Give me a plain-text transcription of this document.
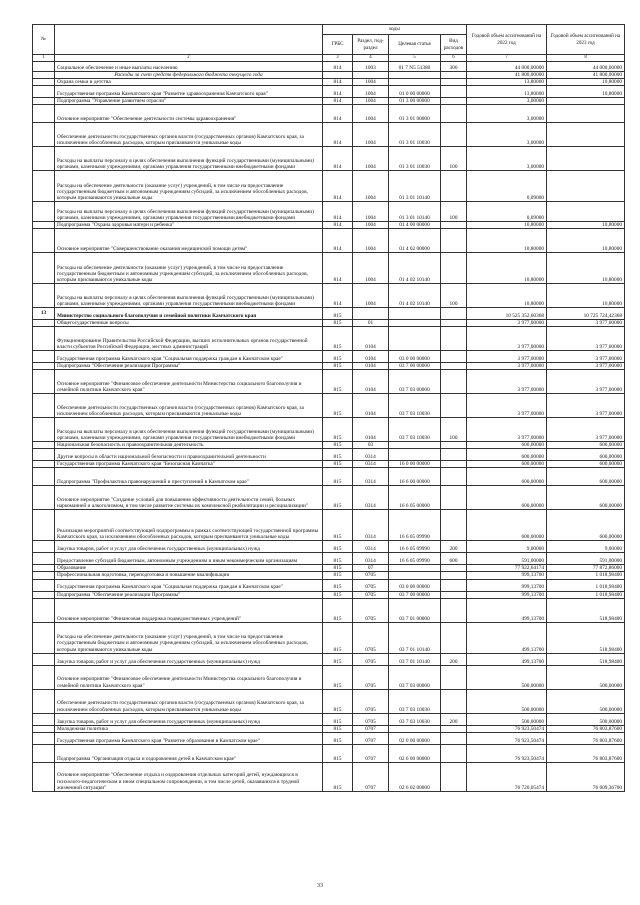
№		коды				Годовой объем ассигнований на 2022 год	Годовой объем ассигнований на 2023 год
		ГРБС	Раздел, под-раздел	Целевая статья	Вид расходов		
1	2	3	4	5	6	7	8
	Социальное обеспечение и иные выплаты населению	814	1003	01 7 N5 51380	300	44 000,00000	44 000,00000
	Расходы за счет средств федерального бюджета текущего года					41 800,00000	41 800,00000
	Охрана семьи и детства	814	1004			13,80000	10,80000
	Государственная программа Камчатского края "Развитие здравоохранения Камчатского края"	814	1004	01 0 00 00000		13,80000	10,80000
	Подпрограмма "Управление развитием отрасли"	814	1004	01 3 00 00000		3,00000	
	Основное мероприятие "Обеспечение деятельности системы здравоохранения"	814	1004	01 3 01 00000		3,00000	
	Обеспечение деятельности государственных органов власти (государственных органов) Камчатского края, за исключением обособленных расходов, которым присваиваются уникальные коды	814	1004	01 3 01 10030		3,00000	
	Расходы на выплаты персоналу в целях обеспечения выполнения функций государственными (муниципальными) органами, казенными учреждениями, органами управления государственными внебюджетными фондами	814	1004	01 3 01 10030	100	3,00000	
	Расходы на обеспечение деятельности (оказание услуг) учреждений, в том числе на предоставление государственным бюджетным и автономным учреждениям субсидий, за исключением обособленных расходов, которым присваиваются уникальные коды	814	1004	01 3 01 10140		0,09000	
	Расходы на выплаты персоналу в целях обеспечения выполнения функций государственными (муниципальными) органами, казенными учреждениями, органами управления государственными внебюджетными фондами	814	1004	01 3 01 10140	100	0,09000	
	Подпрограмма "Охрана здоровья матери и ребенка"	814	1004	01 4 00 00000		10,80000	10,80000
	Основное мероприятие "Совершенствование оказания медицинской помощи детям"	814	1004	01 4 02 00000		10,80000	10,80000
	Расходы на обеспечение деятельности (оказание услуг) учреждений, в том числе на предоставление государственным бюджетным и автономным учреждениям субсидий, за исключением обособленных расходов, которым присваиваются уникальные коды	814	1004	01 4 02 10140		10,80000	10,80000
	Расходы на выплаты персоналу в целях обеспечения выполнения функций государственными (муниципальными) органами, казенными учреждениями, органами управления государственными внебюджетными фондами	814	1004	01 4 02 10140	100	10,80000	10,80000
13	Министерство социального благополучия и семейной политики Камчатского края	815				10 525 352,60368	10 725 724,42368
	Общегосударственные вопросы	815	01			3 977,00000	3 977,00000
	Функционирование Правительства Российской Федерации, высших исполнительных органов государственной власти субъектов Российской Федерации, местных администраций	815	0104			3 977,00000	3 977,00000
	Государственная программа Камчатского края "Социальная поддержка граждан в Камчатском крае"	815	0104	03 0 00 00000		3 977,00000	3 977,00000
	Подпрограмма "Обеспечение реализации Программы"	815	0104	03 7 00 00000		3 977,00000	3 977,00000
	Основное мероприятие "Финансовое обеспечение деятельности Министерства социального благополучия и семейной политики Камчатского края"	815	0104	03 7 03 00000		3 977,00000	3 977,00000
	Обеспечение деятельности государственных органов власти (государственных органов) Камчатского края, за исключением обособленных расходов, которым присваиваются уникальные коды	815	0104	03 7 03 10030		3 977,00000	3 977,00000
	Расходы на выплаты персоналу в целях обеспечения выполнения функций государственными (муниципальными) органами, казенными учреждениями, органами управления государственными внебюджетными фондами	815	0104	03 7 03 10030	100	3 977,00000	3 977,00000
	Национальная безопасность и правоохранительная деятельность	815	03			600,00000	600,00000
	Другие вопросы в области национальной безопасности и правоохранительной деятельности	815	0314			600,00000	600,00000
	Государственная программа Камчатского края "Безопасная Камчатка"	815	0314	16 0 00 00000		600,00000	600,00000
	Подпрограмма "Профилактика правонарушений и преступлений в Камчатском крае"	815	0314	16 6 00 00000		600,00000	600,00000
	Основное мероприятие "Создание условий для повышения эффективности деятельности семей, больных наркоманией и алкоголизмом, в том числе развитие системы их комплексной реабилитации и ресоциализации"	815	0314	16 6 05 00000		600,00000	600,00000
	Реализация мероприятий соответствующей подпрограммы в рамках соответствующей государственной программы Камчатского края, за исключением обособленных расходов, которым присваиваются уникальные коды	815	0314	16 6 05 09990		600,00000	600,00000
	Закупка товаров, работ и услуг для обеспечения государственных (муниципальных) нужд	815	0314	16 6 05 09990	200	9,00000	9,00000
	Предоставление субсидий бюджетным, автономным учреждениям и иным некоммерческим организациям	815	0314	16 6 05 09990	600	591,00000	591,00000
	Образование	815	07			77 922,64174	77 872,86000
	Профессиональная подготовка, переподготовка и повышение квалификации	815	0705			999,13700	1 018,98400
	Государственная программа Камчатского края "Социальная поддержка граждан в Камчатском крае"	815	0705	03 0 00 00000		999,13700	1 018,98400
	Подпрограмма "Обеспечение реализации Программы"	815	0705	03 7 00 00000		999,13700	1 018,98400
	Основное мероприятие "Финансовая поддержка подведомственных учреждений"	815	0705	03 7 01 00000		499,13700	518,98400
	Расходы на обеспечение деятельности (оказание услуг) учреждений, в том числе на предоставление государственным бюджетным и автономным учреждениям субсидий, за исключением обособленных расходов, которым присваиваются уникальные коды	815	0705	03 7 01 10140		499,13700	518,98400
	Закупка товаров, работ и услуг для обеспечения государственных (муниципальных) нужд	815	0705	03 7 01 10140	200	499,13700	518,98400
	Основное мероприятие "Финансовое обеспечение деятельности Министерства социального благополучия и семейной политики Камчатского края"	815	0705	03 7 03 00000		500,00000	500,00000
	Обеспечение деятельности государственных органов власти (государственных органов) Камчатского края, за исключением обособленных расходов, которым присваиваются уникальные коды	815	0705	03 7 03 10030		500,00000	500,00000
	Закупка товаров, работ и услуг для обеспечения государственных (муниципальных) нужд	815	0705	03 7 03 10030	200	500,00000	500,00000
	Молодежная политика	815	0707			76 923,50474	76 803,87600
	Государственная программа Камчатского края "Развитие образования в Камчатском крае"	815	0707	02 0 00 00000		76 923,50474	76 803,87600
	Подпрограмма "Организация отдыха и оздоровления детей в Камчатском крае"	815	0707	02 6 00 00000		76 923,50474	76 803,87600
	Основное мероприятие "Обеспечение отдыха и оздоровления отдельных категорий детей, нуждающихся в психолого-педагогическом и ином специальном сопровождении, в том числе детей, оказавшихся в трудной жизненной ситуации"	815	0707	02 6 02 00000		76 720,05474	76 609,36700
33
